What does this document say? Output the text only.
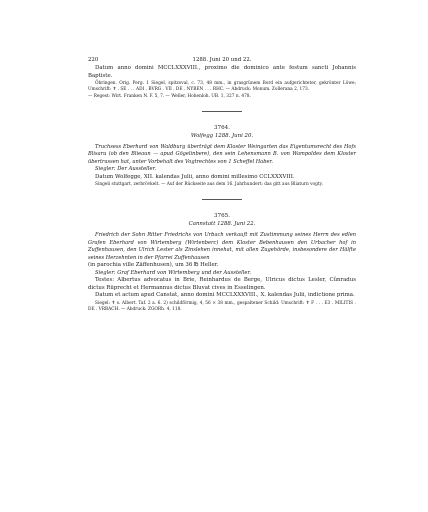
220	1288. Juni 20 und 22.

Datum anno domini MCCLXXXVIII., proximo die dominico ante festum sancti Johannis Baptiste.

Öhringen. Orig. Perg. 1 Siegel, spitzoval, c. 73, 48 mm., in grasgrünem Bord ein aufgerichteter, gekrönter Löwe; Umschrift: ✝ . SE . . . ADI . BVRG . VII . DE . NYBEN . . . RHC. — Abdruck: Monum. Zollerana 2, 173.

— Regest: Wirt. Franken N. F. 5, 7. — Weller, Hohenloh. UB. 1, 327 n. 478.

3764.

Wolfegg 1288. Juni 20.

Truchsess Eberhard von Waldburg überträgt dem Kloster Weingarten das Eigentumsrecht des Hofs Blisaru (ob den Blieaun — apud Gögelinbere), den sein Lehensmann B. von Wampoldes dem Kloster übertrassen hat, unter Vorbehalt des Vogtrechtes von 1 Scheffel Haber.

Siegler: Der Aussteller.

Datum Wolfegge, XII. kalendas Julii, anno domini millesimo CCLXXXVIII.

Singeli stuttgart, zerbrövkelt. — Auf der Rückseite aus dem 16. Jahrhundert: das gitt aus Bliaturn vogty.

3765.

Cannstatt 1288. Juni 22.

Friedrich der Sohn Ritter Friedrichs von Urbach verkauft mit Zustimmung seines Herrn des edlen Grafen Eberhard von Wirtemberg (Wirtenberc) dem Kloster Bebenhausen den Urbacher hof in Zuffenhausen, den Ulrich Lester als Zinslehen innehat, mit allen Zugehörde, insbesondere der Hälfte seines Herzehnten in der Pfarrei Zuffenhausen

(in parochia ville Zäffenhusen), um 36 ℔ Heller.

Siegler: Graf Eberhard von Wirtemberg und der Aussteller.

Testes: Albertus advocatus in Brie, Reinhardus de Berge, Ulricus dictus Lesler, Cûnradus dictus Rüprecht et Hermannus dictus Bluvat cives in Esselingen.

Datum et actum apud Canstat, anno domini MCCLXXXVIII., X. kalendas Julii, indictione prima.

Siegel: ✝ s. Albert. Taf. 2 a. 6. 2) schildförmig, 4, 56 × 38 mm., gespaltener Schild: Umschrift: ✝ F . . . E3 . MILITIS . DE . VRBACH. — Abdruck: ZGORh. 4, 118.
